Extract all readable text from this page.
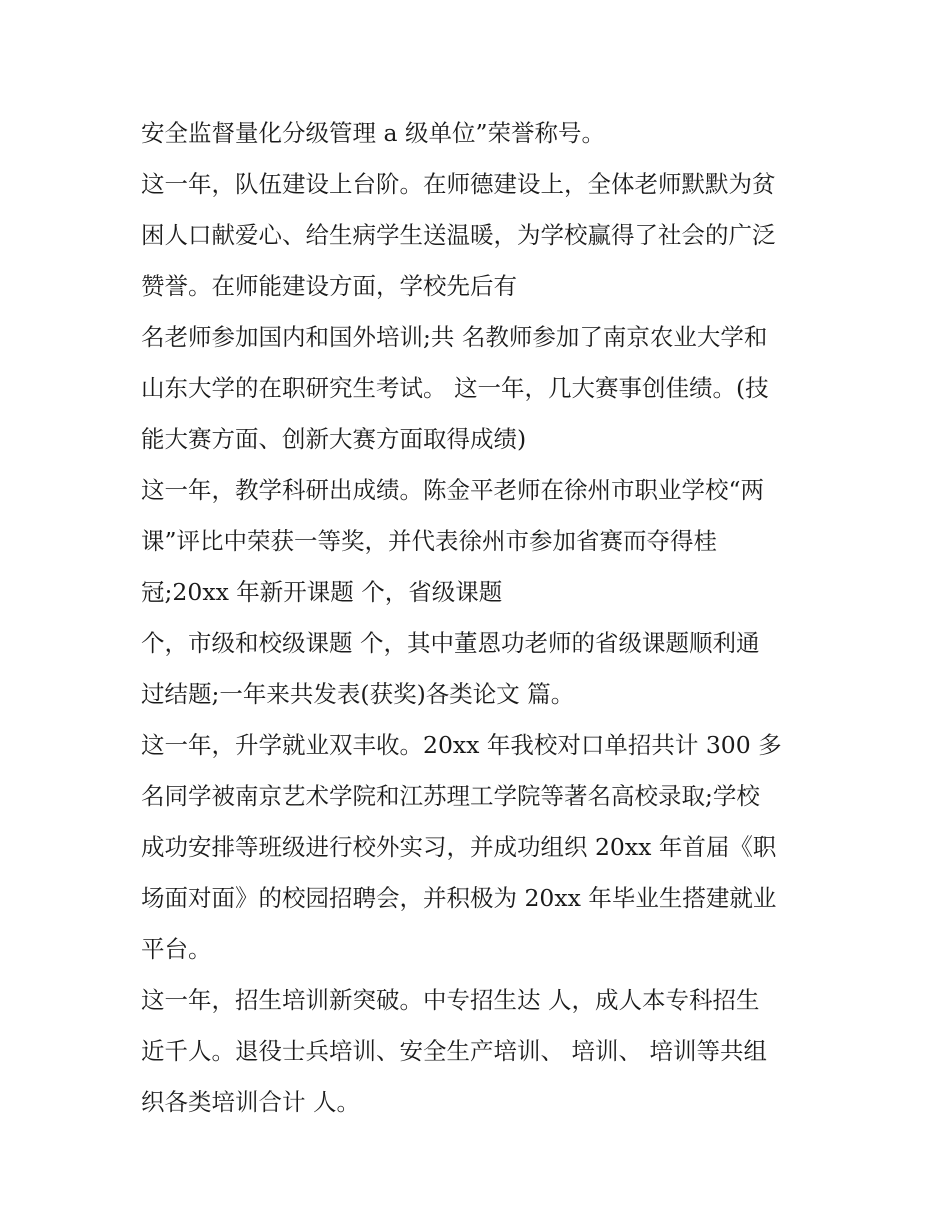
安全监督量化分级管理 a 级单位”荣誉称号。
这一年，队伍建设上台阶。在师德建设上，全体老师默默为贫
困人口献爱心、给生病学生送温暖，为学校赢得了社会的广泛
赞誉。在师能建设方面，学校先后有
名老师参加国内和国外培训;共 名教师参加了南京农业大学和
山东大学的在职研究生考试。 这一年，几大赛事创佳绩。(技
能大赛方面、创新大赛方面取得成绩)
这一年，教学科研出成绩。陈金平老师在徐州市职业学校“两
课”评比中荣获一等奖，并代表徐州市参加省赛而夺得桂
冠;20xx 年新开课题 个，省级课题
个，市级和校级课题 个，其中董恩功老师的省级课题顺利通
过结题;一年来共发表(获奖)各类论文 篇。
这一年，升学就业双丰收。20xx 年我校对口单招共计 300 多
名同学被南京艺术学院和江苏理工学院等著名高校录取;学校
成功安排等班级进行校外实习，并成功组织 20xx 年首届《职
场面对面》的校园招聘会，并积极为 20xx 年毕业生搭建就业
平台。
这一年，招生培训新突破。中专招生达 人，成人本专科招生
近千人。退役士兵培训、安全生产培训、 培训、 培训等共组
织各类培训合计 人。
